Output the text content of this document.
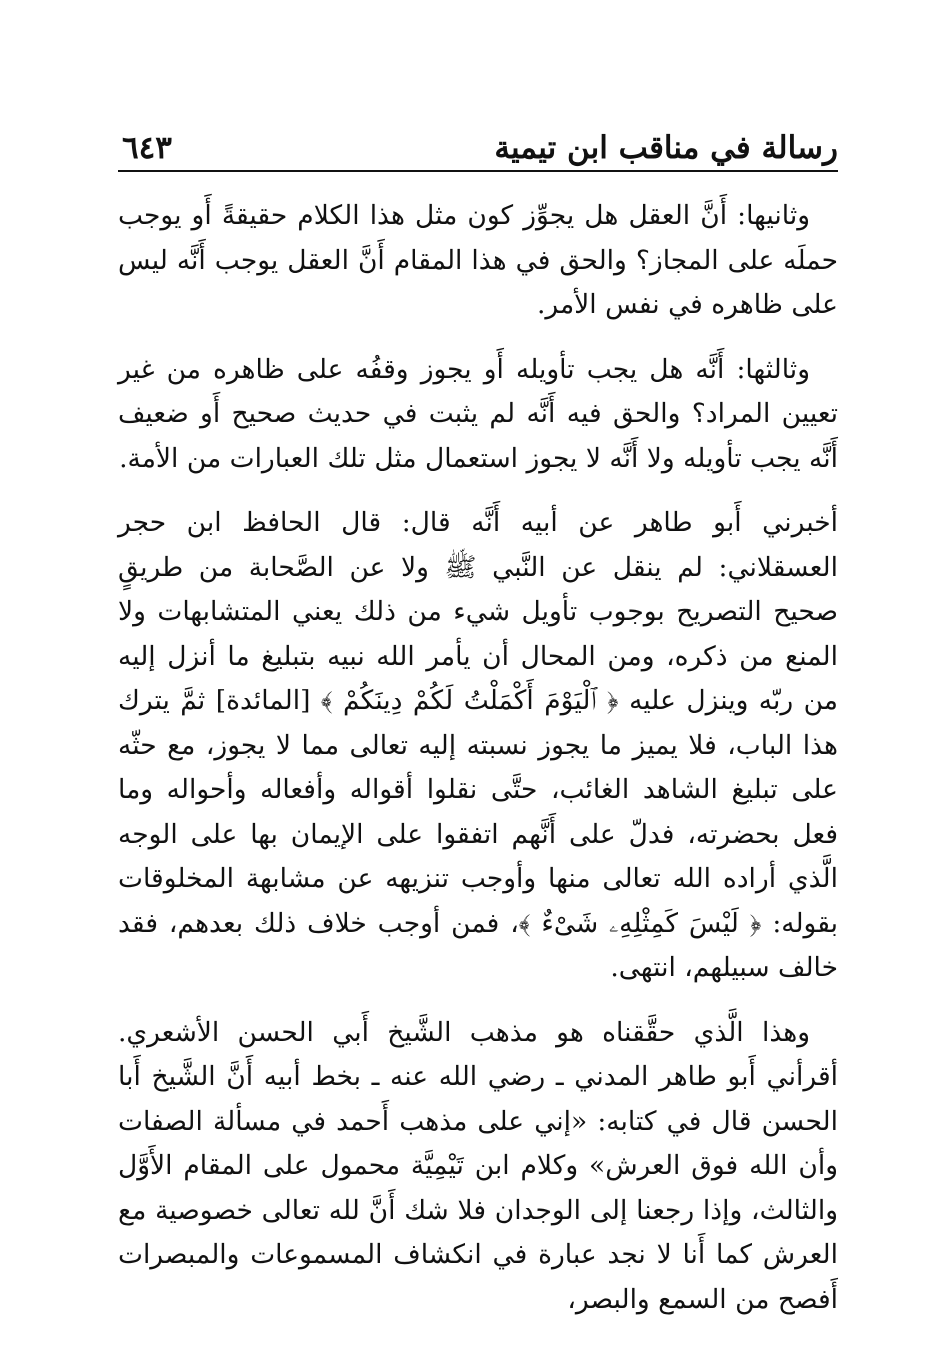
رسالة في مناقب ابن تيمية
٦٤٣

وثانيها: أَنَّ العقل هل يجوِّز كون مثل هذا الكلام حقيقةً أَو يوجب حملَه على المجاز؟ والحق في هذا المقام أَنَّ العقل يوجب أَنَّه ليس على ظاهره في نفس الأمر.

وثالثها: أَنَّه هل يجب تأويله أَو يجوز وقفُه على ظاهره من غير تعيين المراد؟ والحق فيه أَنَّه لم يثبت في حديث صحيح أَو ضعيف أَنَّه يجب تأويله ولا أَنَّه لا يجوز استعمال مثل تلك العبارات من الأمة.

أخبرني أَبو طاهر عن أبيه أَنَّه قال: قال الحافظ ابن حجر العسقلاني: لم ينقل عن النَّبي ﷺ ولا عن الصَّحابة من طريقٍ صحيح التصريح بوجوب تأويل شيء من ذلك يعني المتشابهات ولا المنع من ذكره، ومن المحال أن يأمر الله نبيه بتبليغ ما أنزل إليه من ربّه وينزل عليه ﴿ ٱلْيَوْمَ أَكْمَلْتُ لَكُمْ دِينَكُمْ ﴾ [المائدة] ثمَّ يترك هذا الباب، فلا يميز ما يجوز نسبته إليه تعالى مما لا يجوز، مع حثّه على تبليغ الشاهد الغائب، حتَّى نقلوا أقواله وأفعاله وأحواله وما فعل بحضرته، فدلّ على أَنَّهم اتفقوا على الإيمان بها على الوجه الَّذي أراده الله تعالى منها وأوجب تنزيهه عن مشابهة المخلوقات بقوله: ﴿ لَيْسَ كَمِثْلِهِۦ شَىْءٌ ﴾، فمن أوجب خلاف ذلك بعدهم، فقد خالف سبيلهم، انتهى.

وهذا الَّذي حقَّقناه هو مذهب الشَّيخ أَبي الحسن الأشعري. أقرأني أَبو طاهر المدني ـ رضي الله عنه ـ بخط أبيه أَنَّ الشَّيخ أَبا الحسن قال في كتابه: «إني على مذهب أَحمد في مسألة الصفات وأن الله فوق العرش» وكلام ابن تَيْمِيَّة محمول على المقام الأَوَّل والثالث، وإذا رجعنا إلى الوجدان فلا شك أَنَّ لله تعالى خصوصية مع العرش كما أَنا لا نجد عبارة في انكشاف المسموعات والمبصرات أَفصح من السمع والبصر،
